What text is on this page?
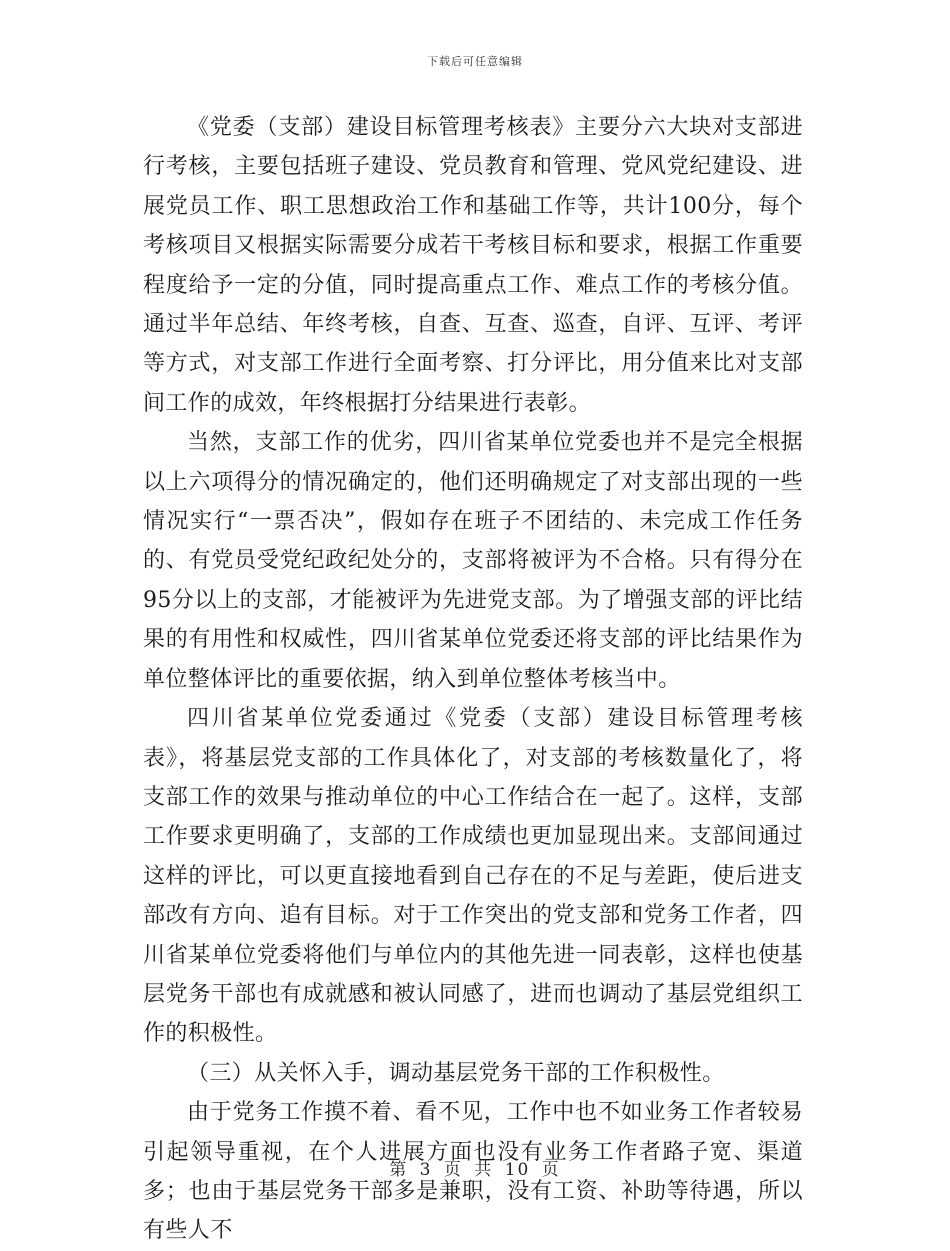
下载后可任意编辑

《党委（支部）建设目标管理考核表》主要分六大块对支部进行考核，主要包括班子建设、党员教育和管理、党风党纪建设、进展党员工作、职工思想政治工作和基础工作等，共计100分，每个考核项目又根据实际需要分成若干考核目标和要求，根据工作重要程度给予一定的分值，同时提高重点工作、难点工作的考核分值。通过半年总结、年终考核，自查、互查、巡查，自评、互评、考评等方式，对支部工作进行全面考察、打分评比，用分值来比对支部间工作的成效，年终根据打分结果进行表彰。

当然，支部工作的优劣，四川省某单位党委也并不是完全根据以上六项得分的情况确定的，他们还明确规定了对支部出现的一些情况实行“一票否决”，假如存在班子不团结的、未完成工作任务的、有党员受党纪政纪处分的，支部将被评为不合格。只有得分在95分以上的支部，才能被评为先进党支部。为了增强支部的评比结果的有用性和权威性，四川省某单位党委还将支部的评比结果作为单位整体评比的重要依据，纳入到单位整体考核当中。

四川省某单位党委通过《党委（支部）建设目标管理考核表》，将基层党支部的工作具体化了，对支部的考核数量化了，将支部工作的效果与推动单位的中心工作结合在一起了。这样，支部工作要求更明确了，支部的工作成绩也更加显现出来。支部间通过这样的评比，可以更直接地看到自己存在的不足与差距，使后进支部改有方向、追有目标。对于工作突出的党支部和党务工作者，四川省某单位党委将他们与单位内的其他先进一同表彰，这样也使基层党务干部也有成就感和被认同感了，进而也调动了基层党组织工作的积极性。

（三）从关怀入手，调动基层党务干部的工作积极性。

由于党务工作摸不着、看不见，工作中也不如业务工作者较易引起领导重视，在个人进展方面也没有业务工作者路子宽、渠道多；也由于基层党务干部多是兼职，没有工资、补助等待遇，所以有些人不

第 3 页 共 10 页
